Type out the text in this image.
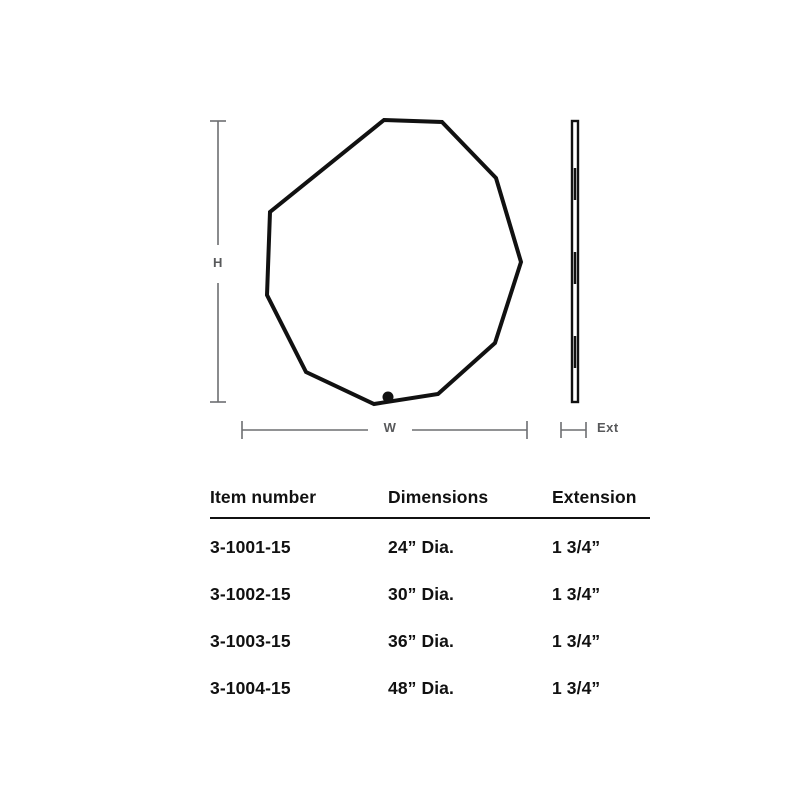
H
W	Ext
Item number	Dimensions	Extension
3-1001-15	24” Dia.	1 3/4”
3-1002-15	30” Dia.	1 3/4”
3-1003-15	36” Dia.	1 3/4”
3-1004-15	48” Dia.	1 3/4”
